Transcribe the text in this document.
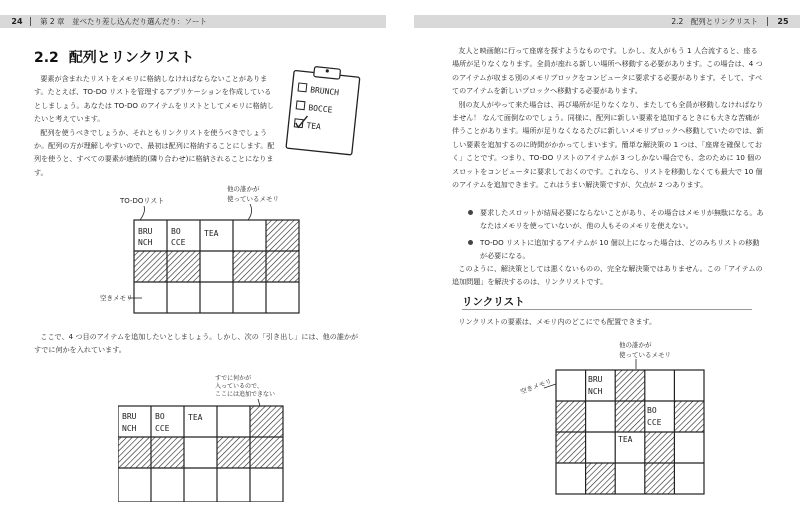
24	第 2 章　並べたり差し込んだり選んだり：ソート
2.2 配列とリンクリスト

要素が含まれたリストをメモリに格納しなければならないことがあります。たとえば、TO-DO リストを管理するアプリケーションを作成しているとしましょう。あなたは TO-DO のアイテムをリストとしてメモリに格納したいと考えています。

配列を使うべきでしょうか、それともリンクリストを使うべきでしょうか。配列の方が理解しやすいので、最初は配列に格納することにします。配列を使うと、すべての要素が連続的(隣り合わせ)に格納されることになります。

BRUNCH
BOCCE
TEA
TO-DOリスト
他の誰かが
使っているメモリ
BRU
NCH
BO
CCE
TEA
空きメモリ

ここで、4 つ目のアイテムを追加したいとしましょう。しかし、次の「引き出し」には、他の誰かがすでに何かを入れています。

すでに何かが
入っているので、
ここには追加できない
BRU
NCH
BO
CCE
TEA
2.2　配列とリンクリスト	25

友人と映画館に行って座席を探すようなものです。しかし、友人がもう 1 人合流すると、座る場所が足りなくなります。全員が座れる新しい場所へ移動する必要があります。この場合は、4 つのアイテムが収まる別のメモリブロックをコンピュータに要求する必要があります。そして、すべてのアイテムを新しいブロックへ移動する必要があります。

別の友人がやって来た場合は、再び場所が足りなくなり、またしても全員が移動しなければなりません！ なんて面倒なのでしょう。同様に、配列に新しい要素を追加するときにも大きな苦痛が伴うことがあります。場所が足りなくなるたびに新しいメモリブロックへ移動していたのでは、新しい要素を追加するのに時間がかかってしまいます。簡単な解決策の 1 つは、「座席を確保しておく」ことです。つまり、TO-DO リストのアイテムが 3 つしかない場合でも、念のために 10 個のスロットをコンピュータに要求しておくのです。これなら、リストを移動しなくても最大で 10 個のアイテムを追加できます。これはうまい解決策ですが、欠点が 2 つあります。

要求したスロットが結局必要にならないことがあり、その場合はメモリが無駄になる。あなたはメモリを使っていないが、他の人もそのメモリを使えない。
TO-DO リストに追加するアイテムが 10 個以上になった場合は、どのみちリストの移動が必要になる。

このように、解決策としては悪くないものの、完全な解決策ではありません。この「アイテムの追加問題」を解決するのは、リンクリストです。

リンクリスト

リンクリストの要素は、メモリ内のどこにでも配置できます。

他の誰かが
使っているメモリ
空きメモリ	BRU
NCH
BO
CCE
TEA
